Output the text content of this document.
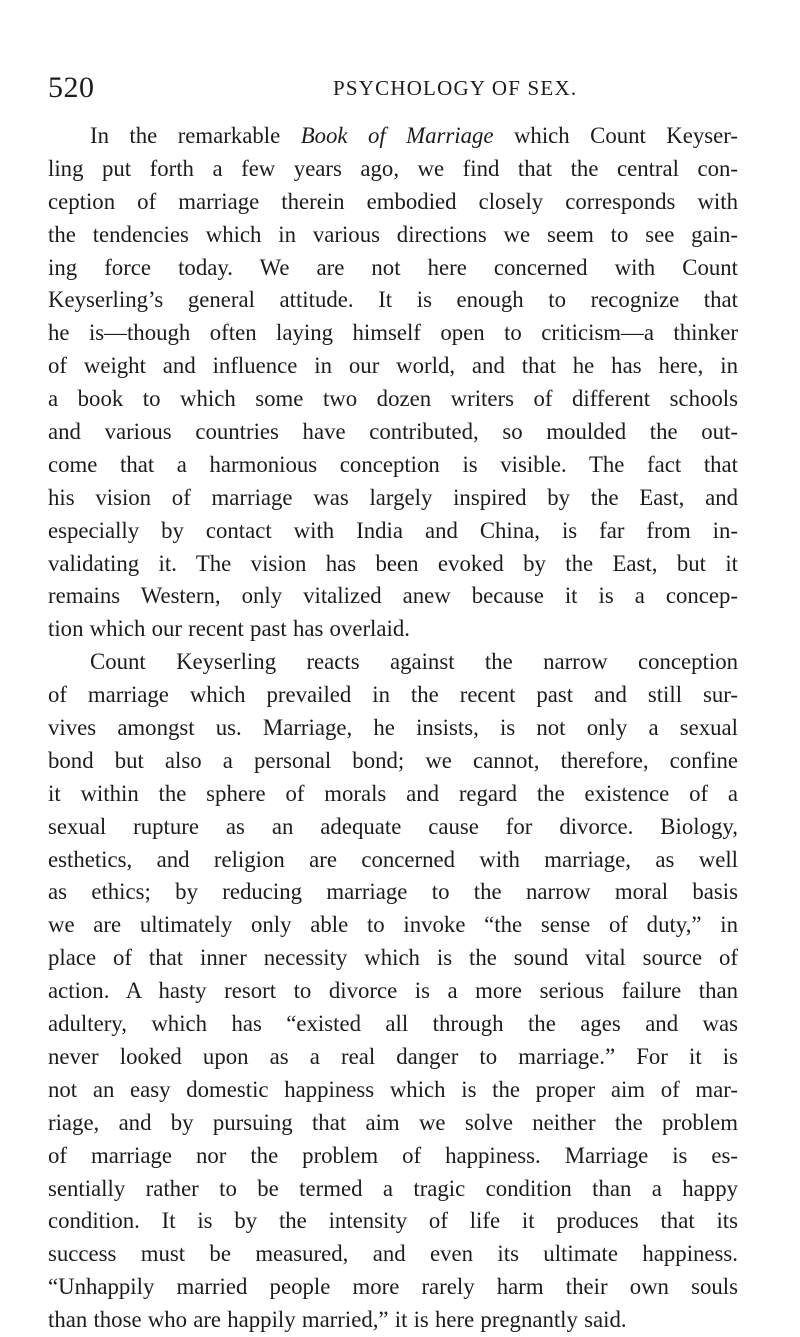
520	PSYCHOLOGY OF SEX.
In the remarkable Book of Marriage which Count Keyser-
ling put forth a few years ago, we find that the central con-
ception of marriage therein embodied closely corresponds with
the tendencies which in various directions we seem to see gain-
ing force today. We are not here concerned with Count
Keyserling’s general attitude. It is enough to recognize that
he is—though often laying himself open to criticism—a thinker
of weight and influence in our world, and that he has here, in
a book to which some two dozen writers of different schools
and various countries have contributed, so moulded the out-
come that a harmonious conception is visible. The fact that
his vision of marriage was largely inspired by the East, and
especially by contact with India and China, is far from in-
validating it. The vision has been evoked by the East, but it
remains Western, only vitalized anew because it is a concep-
tion which our recent past has overlaid.
Count Keyserling reacts against the narrow conception
of marriage which prevailed in the recent past and still sur-
vives amongst us. Marriage, he insists, is not only a sexual
bond but also a personal bond; we cannot, therefore, confine
it within the sphere of morals and regard the existence of a
sexual rupture as an adequate cause for divorce. Biology,
esthetics, and religion are concerned with marriage, as well
as ethics; by reducing marriage to the narrow moral basis
we are ultimately only able to invoke “the sense of duty,” in
place of that inner necessity which is the sound vital source of
action. A hasty resort to divorce is a more serious failure than
adultery, which has “existed all through the ages and was
never looked upon as a real danger to marriage.” For it is
not an easy domestic happiness which is the proper aim of mar-
riage, and by pursuing that aim we solve neither the problem
of marriage nor the problem of happiness. Marriage is es-
sentially rather to be termed a tragic condition than a happy
condition. It is by the intensity of life it produces that its
success must be measured, and even its ultimate happiness.
“Unhappily married people more rarely harm their own souls
than those who are happily married,” it is here pregnantly said.
